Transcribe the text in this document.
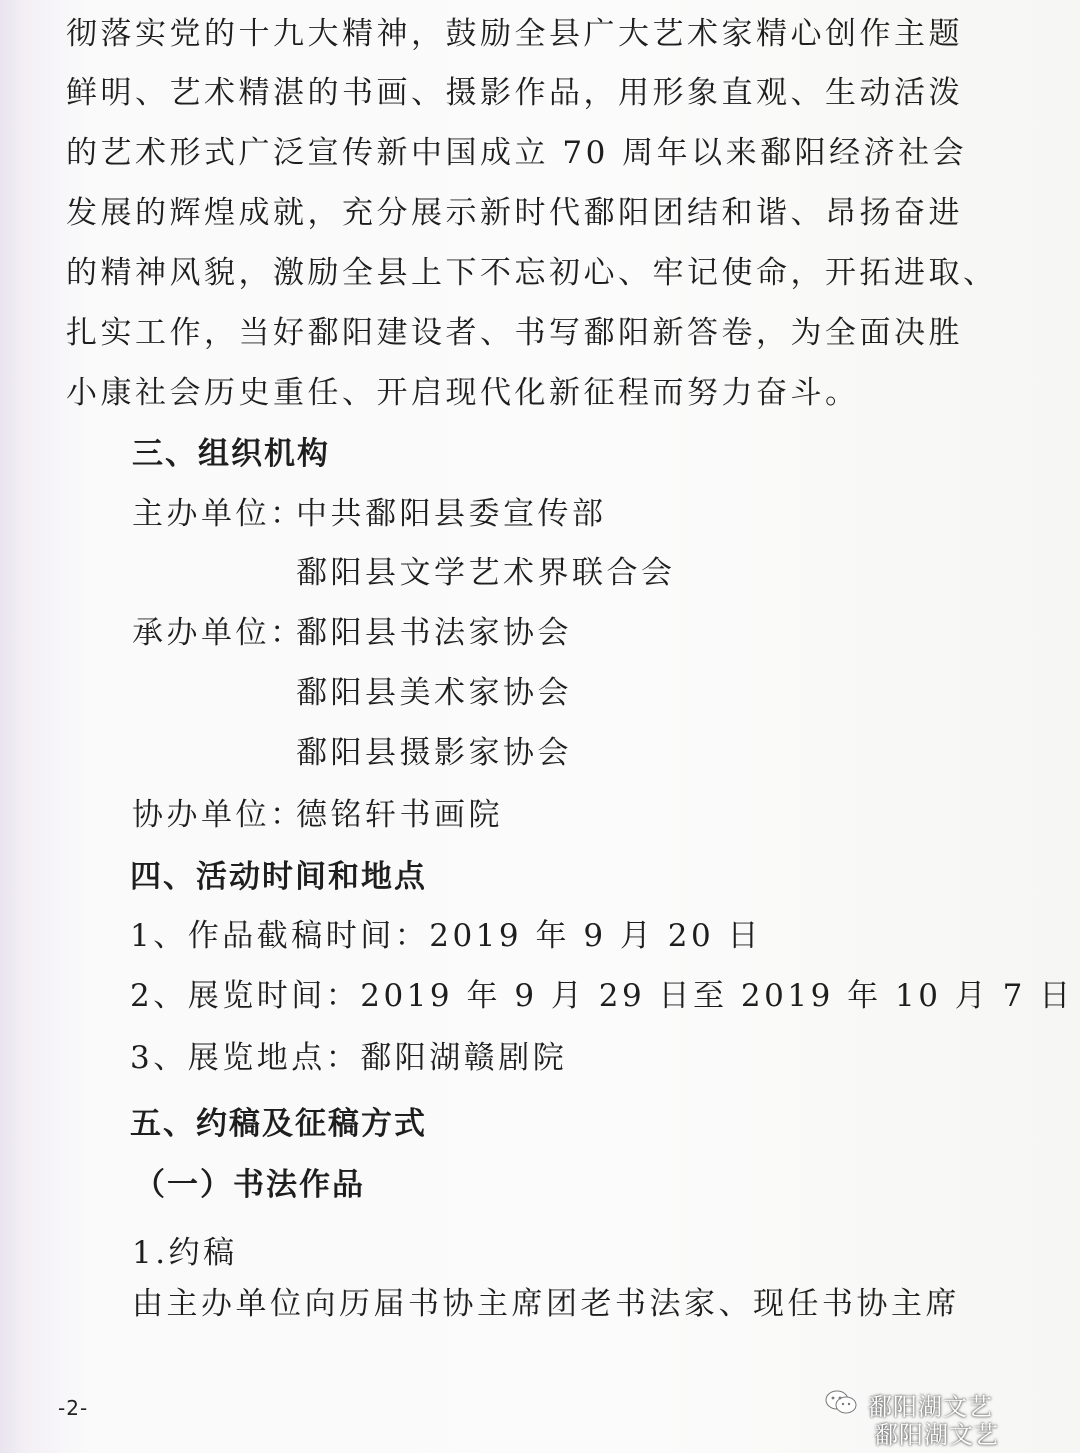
彻落实党的十九大精神，鼓励全县广大艺术家精心创作主题
鲜明、艺术精湛的书画、摄影作品，用形象直观、生动活泼
的艺术形式广泛宣传新中国成立 70 周年以来鄱阳经济社会
发展的辉煌成就，充分展示新时代鄱阳团结和谐、昂扬奋进
的精神风貌，激励全县上下不忘初心、牢记使命，开拓进取、
扎实工作，当好鄱阳建设者、书写鄱阳新答卷，为全面决胜
小康社会历史重任、开启现代化新征程而努力奋斗。
三、组织机构
主办单位：
中共鄱阳县委宣传部
鄱阳县文学艺术界联合会
承办单位：
鄱阳县书法家协会
鄱阳县美术家协会
鄱阳县摄影家协会
协办单位：
德铭轩书画院
四、活动时间和地点
1、作品截稿时间：2019 年 9 月 20 日
2、展览时间：2019 年 9 月 29 日至 2019 年 10 月 7 日
3、展览地点：鄱阳湖赣剧院
五、约稿及征稿方式
（一）书法作品
1.约稿
由主办单位向历届书协主席团老书法家、现任书协主席
-2-	鄱阳湖文艺
鄱阳湖文艺
